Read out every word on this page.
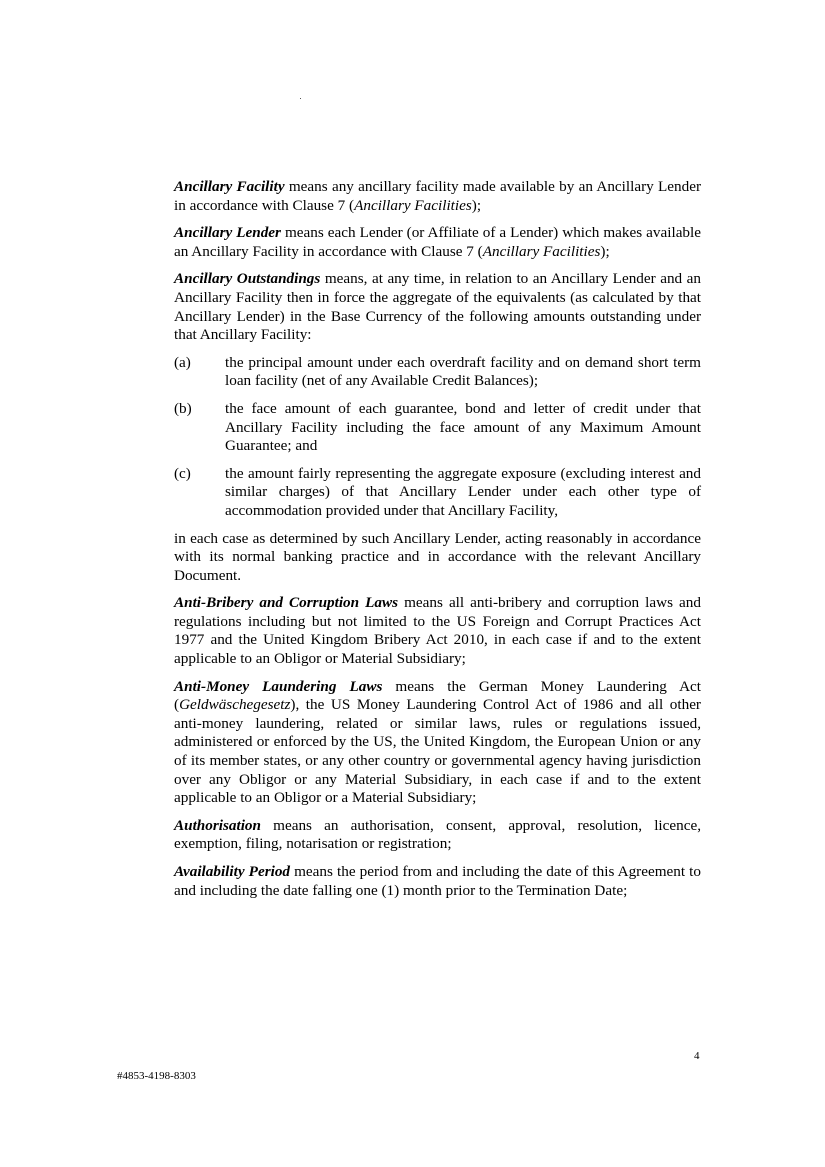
Ancillary Facility means any ancillary facility made available by an Ancillary Lender in accordance with Clause 7 (Ancillary Facilities);

Ancillary Lender means each Lender (or Affiliate of a Lender) which makes available an Ancillary Facility in accordance with Clause 7 (Ancillary Facilities);

Ancillary Outstandings means, at any time, in relation to an Ancillary Lender and an Ancillary Facility then in force the aggregate of the equivalents (as calculated by that Ancillary Lender) in the Base Currency of the following amounts outstanding under that Ancillary Facility:

(a)	the principal amount under each overdraft facility and on demand short term loan facility (net of any Available Credit Balances);
(b)	the face amount of each guarantee, bond and letter of credit under that Ancillary Facility including the face amount of any Maximum Amount Guarantee; and
(c)	the amount fairly representing the aggregate exposure (excluding interest and similar charges) of that Ancillary Lender under each other type of accommodation provided under that Ancillary Facility,

in each case as determined by such Ancillary Lender, acting reasonably in accordance with its normal banking practice and in accordance with the relevant Ancillary Document.

Anti-Bribery and Corruption Laws means all anti-bribery and corruption laws and regulations including but not limited to the US Foreign and Corrupt Practices Act 1977 and the United Kingdom Bribery Act 2010, in each case if and to the extent applicable to an Obligor or Material Subsidiary;

Anti-Money Laundering Laws means the German Money Laundering Act (Geldwäschegesetz), the US Money Laundering Control Act of 1986 and all other anti-money laundering, related or similar laws, rules or regulations issued, administered or enforced by the US, the United Kingdom, the European Union or any of its member states, or any other country or governmental agency having jurisdiction over any Obligor or any Material Subsidiary, in each case if and to the extent applicable to an Obligor or a Material Subsidiary;

Authorisation means an authorisation, consent, approval, resolution, licence, exemption, filing, notarisation or registration;

Availability Period means the period from and including the date of this Agreement to and including the date falling one (1) month prior to the Termination Date;

4
#4853-4198-8303
